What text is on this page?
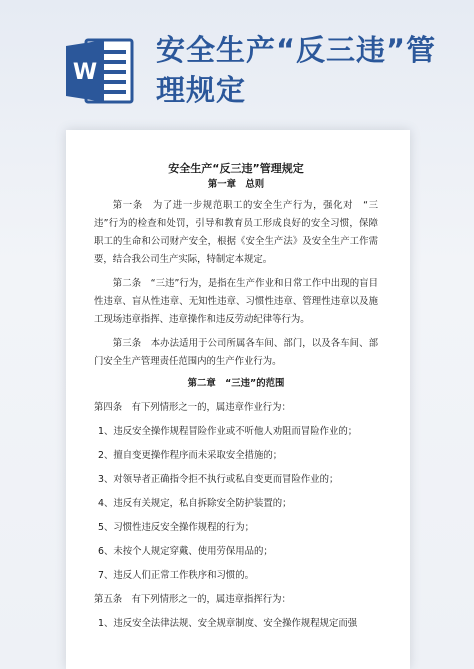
W
安全生产“反三违”管理规定

安全生产“反三违”管理规定

第一章　总则

第一条　为了进一步规范职工的安全生产行为，强化对　“三违”行为的检查和处罚，引导和教育员工形成良好的安全习惯，保障职工的生命和公司财产安全，根据《安全生产法》及安全生产工作需要，结合我公司生产实际，特制定本规定。

第二条　“三违”行为，是指在生产作业和日常工作中出现的盲目性违章、盲从性违章、无知性违章、习惯性违章、管理性违章以及施工现场违章指挥、违章操作和违反劳动纪律等行为。

第三条　本办法适用于公司所属各车间、部门，以及各车间、部门安全生产管理责任范围内的生产作业行为。

第二章　“三违”的范围

第四条　有下列情形之一的，属违章作业行为：

1、违反安全操作规程冒险作业或不听他人劝阻而冒险作业的；

2、擅自变更操作程序而未采取安全措施的；

3、对领导者正确指令拒不执行或私自变更而冒险作业的；

4、违反有关规定，私自拆除安全防护装置的；

5、习惯性违反安全操作规程的行为；

6、未按个人规定穿戴、使用劳保用品的；

7、违反人们正常工作秩序和习惯的。

第五条　有下列情形之一的，属违章指挥行为：

1、违反安全法律法规、安全规章制度、安全操作规程规定而强
